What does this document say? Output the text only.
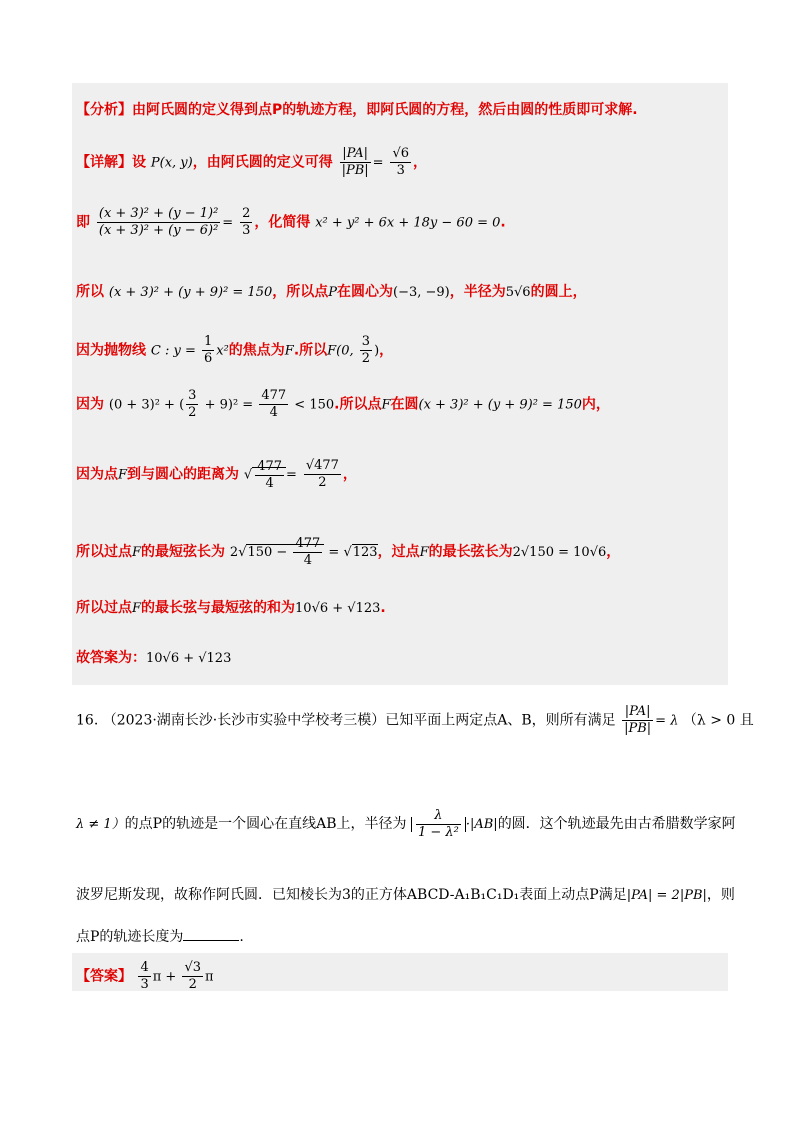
【分析】由阿氏圆的定义得到点P的轨迹方程，即阿氏圆的方程，然后由圆的性质即可求解.
【详解】设 P(x, y)，由阿氏圆的定义可得 $\frac{|PA|}{|PB|} = \frac{√6}{3}$ ，
即 $\frac{\text{(x + 3)² + (y − 1)²}}{\text{(x + 3)² + (y − 6)²}} = \frac{2}{3}$ ，化简得 x² + y² + 6x + 18y − 60 = 0.
所以 (x + 3)² + (y + 9)² = 150，所以点P在圆心为(−3, −9)，半径为5√6的圆上，
因为抛物线 C : $y = \frac{1}{6} x^2$的焦点为F.所以F(0, $\frac{3}{2}$ )，
因为 (0 + 3)² + ( $\frac{3}{2} + 9)^2 = \frac{477}{4} < 150$.所以点F在圆(x + 3)² + (y + 9)² = 150内，
因为点F到与圆心的距离为 √ $\frac{477}{4} = \frac{√477}{2}$ ，
所以过点F的最短弦长为 $2√150 - \frac{477}{4} = √123$，过点F的最长弦长为2√150 = 10√6，
所以过点F的最长弦与最短弦的和为10√6 + √123.
故答案为：10√6 + √123
16. （2023·湖南长沙·长沙市实验中学校考三模）已知平面上两定点A、B，则所有满足 $\frac{|PA|}{|PB|} = \lambda$ （λ > 0 且
λ ≠ 1）的点P的轨迹是一个圆心在直线AB上，半径为 $\frac{\lambda}{\text{1 − λ²}} \cdot|AB|$的圆．这个轨迹最先由古希腊数学家阿
波罗尼斯发现，故称作阿氏圆．已知棱长为3的正方体ABCD-A₁B₁C₁D₁表面上动点P满足|PA| = 2|PB|，则
点P的轨迹长度为	.
【答案】 $\frac{4}{3}$ $\pi + \frac{√3}{2}$ π
